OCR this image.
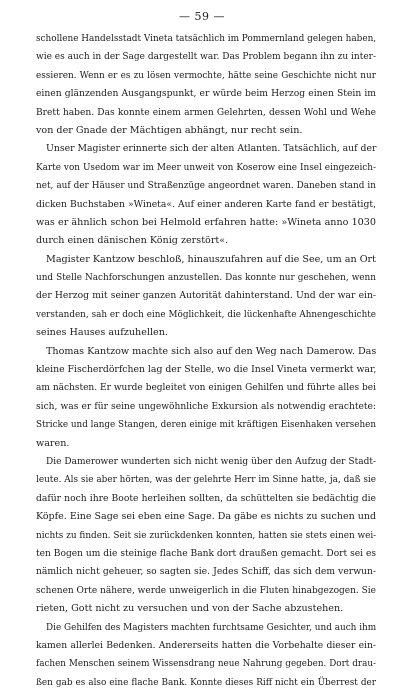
— 59 —
schollene Handelsstadt Vineta tatsächlich im Pommernland gelegen haben,
wie es auch in der Sage dargestellt war. Das Problem begann ihn zu inter-
essieren. Wenn er es zu lösen vermochte, hätte seine Geschichte nicht nur
einen glänzenden Ausgangspunkt, er würde beim Herzog einen Stein im
Brett haben. Das konnte einem armen Gelehrten, dessen Wohl und Wehe
von der Gnade der Mächtigen abhängt, nur recht sein.
Unser Magister erinnerte sich der alten Atlanten. Tatsächlich, auf der
Karte von Usedom war im Meer unweit von Koserow eine Insel eingezeich-
net, auf der Häuser und Straßenzüge angeordnet waren. Daneben stand in
dicken Buchstaben »Wineta«. Auf einer anderen Karte fand er bestätigt,
was er ähnlich schon bei Helmold erfahren hatte: »Wineta anno 1030
durch einen dänischen König zerstört«.
Magister Kantzow beschloß, hinauszufahren auf die See, um an Ort
und Stelle Nachforschungen anzustellen. Das konnte nur geschehen, wenn
der Herzog mit seiner ganzen Autorität dahinterstand. Und der war ein-
verstanden, sah er doch eine Möglichkeit, die lückenhafte Ahnengeschichte
seines Hauses aufzuhellen.
Thomas Kantzow machte sich also auf den Weg nach Damerow. Das
kleine Fischerdörfchen lag der Stelle, wo die Insel Vineta vermerkt war,
am nächsten. Er wurde begleitet von einigen Gehilfen und führte alles bei
sich, was er für seine ungewöhnliche Exkursion als notwendig erachtete:
Stricke und lange Stangen, deren einige mit kräftigen Eisenhaken versehen
waren.
Die Damerower wunderten sich nicht wenig über den Aufzug der Stadt-
leute. Als sie aber hörten, was der gelehrte Herr im Sinne hatte, ja, daß sie
dafür noch ihre Boote herleihen sollten, da schüttelten sie bedächtig die
Köpfe. Eine Sage sei eben eine Sage. Da gäbe es nichts zu suchen und
nichts zu finden. Seit sie zurückdenken konnten, hatten sie stets einen wei-
ten Bogen um die steinige flache Bank dort draußen gemacht. Dort sei es
nämlich nicht geheuer, so sagten sie. Jedes Schiff, das sich dem verwun-
schenen Orte nähere, werde unweigerlich in die Fluten hinabgezogen. Sie
rieten, Gott nicht zu versuchen und von der Sache abzustehen.
Die Gehilfen des Magisters machten furchtsame Gesichter, und auch ihm
kamen allerlei Bedenken. Andererseits hatten die Vorbehalte dieser ein-
fachen Menschen seinem Wissensdrang neue Nahrung gegeben. Dort drau-
ßen gab es also eine flache Bank. Konnte dieses Riff nicht ein Überrest der
